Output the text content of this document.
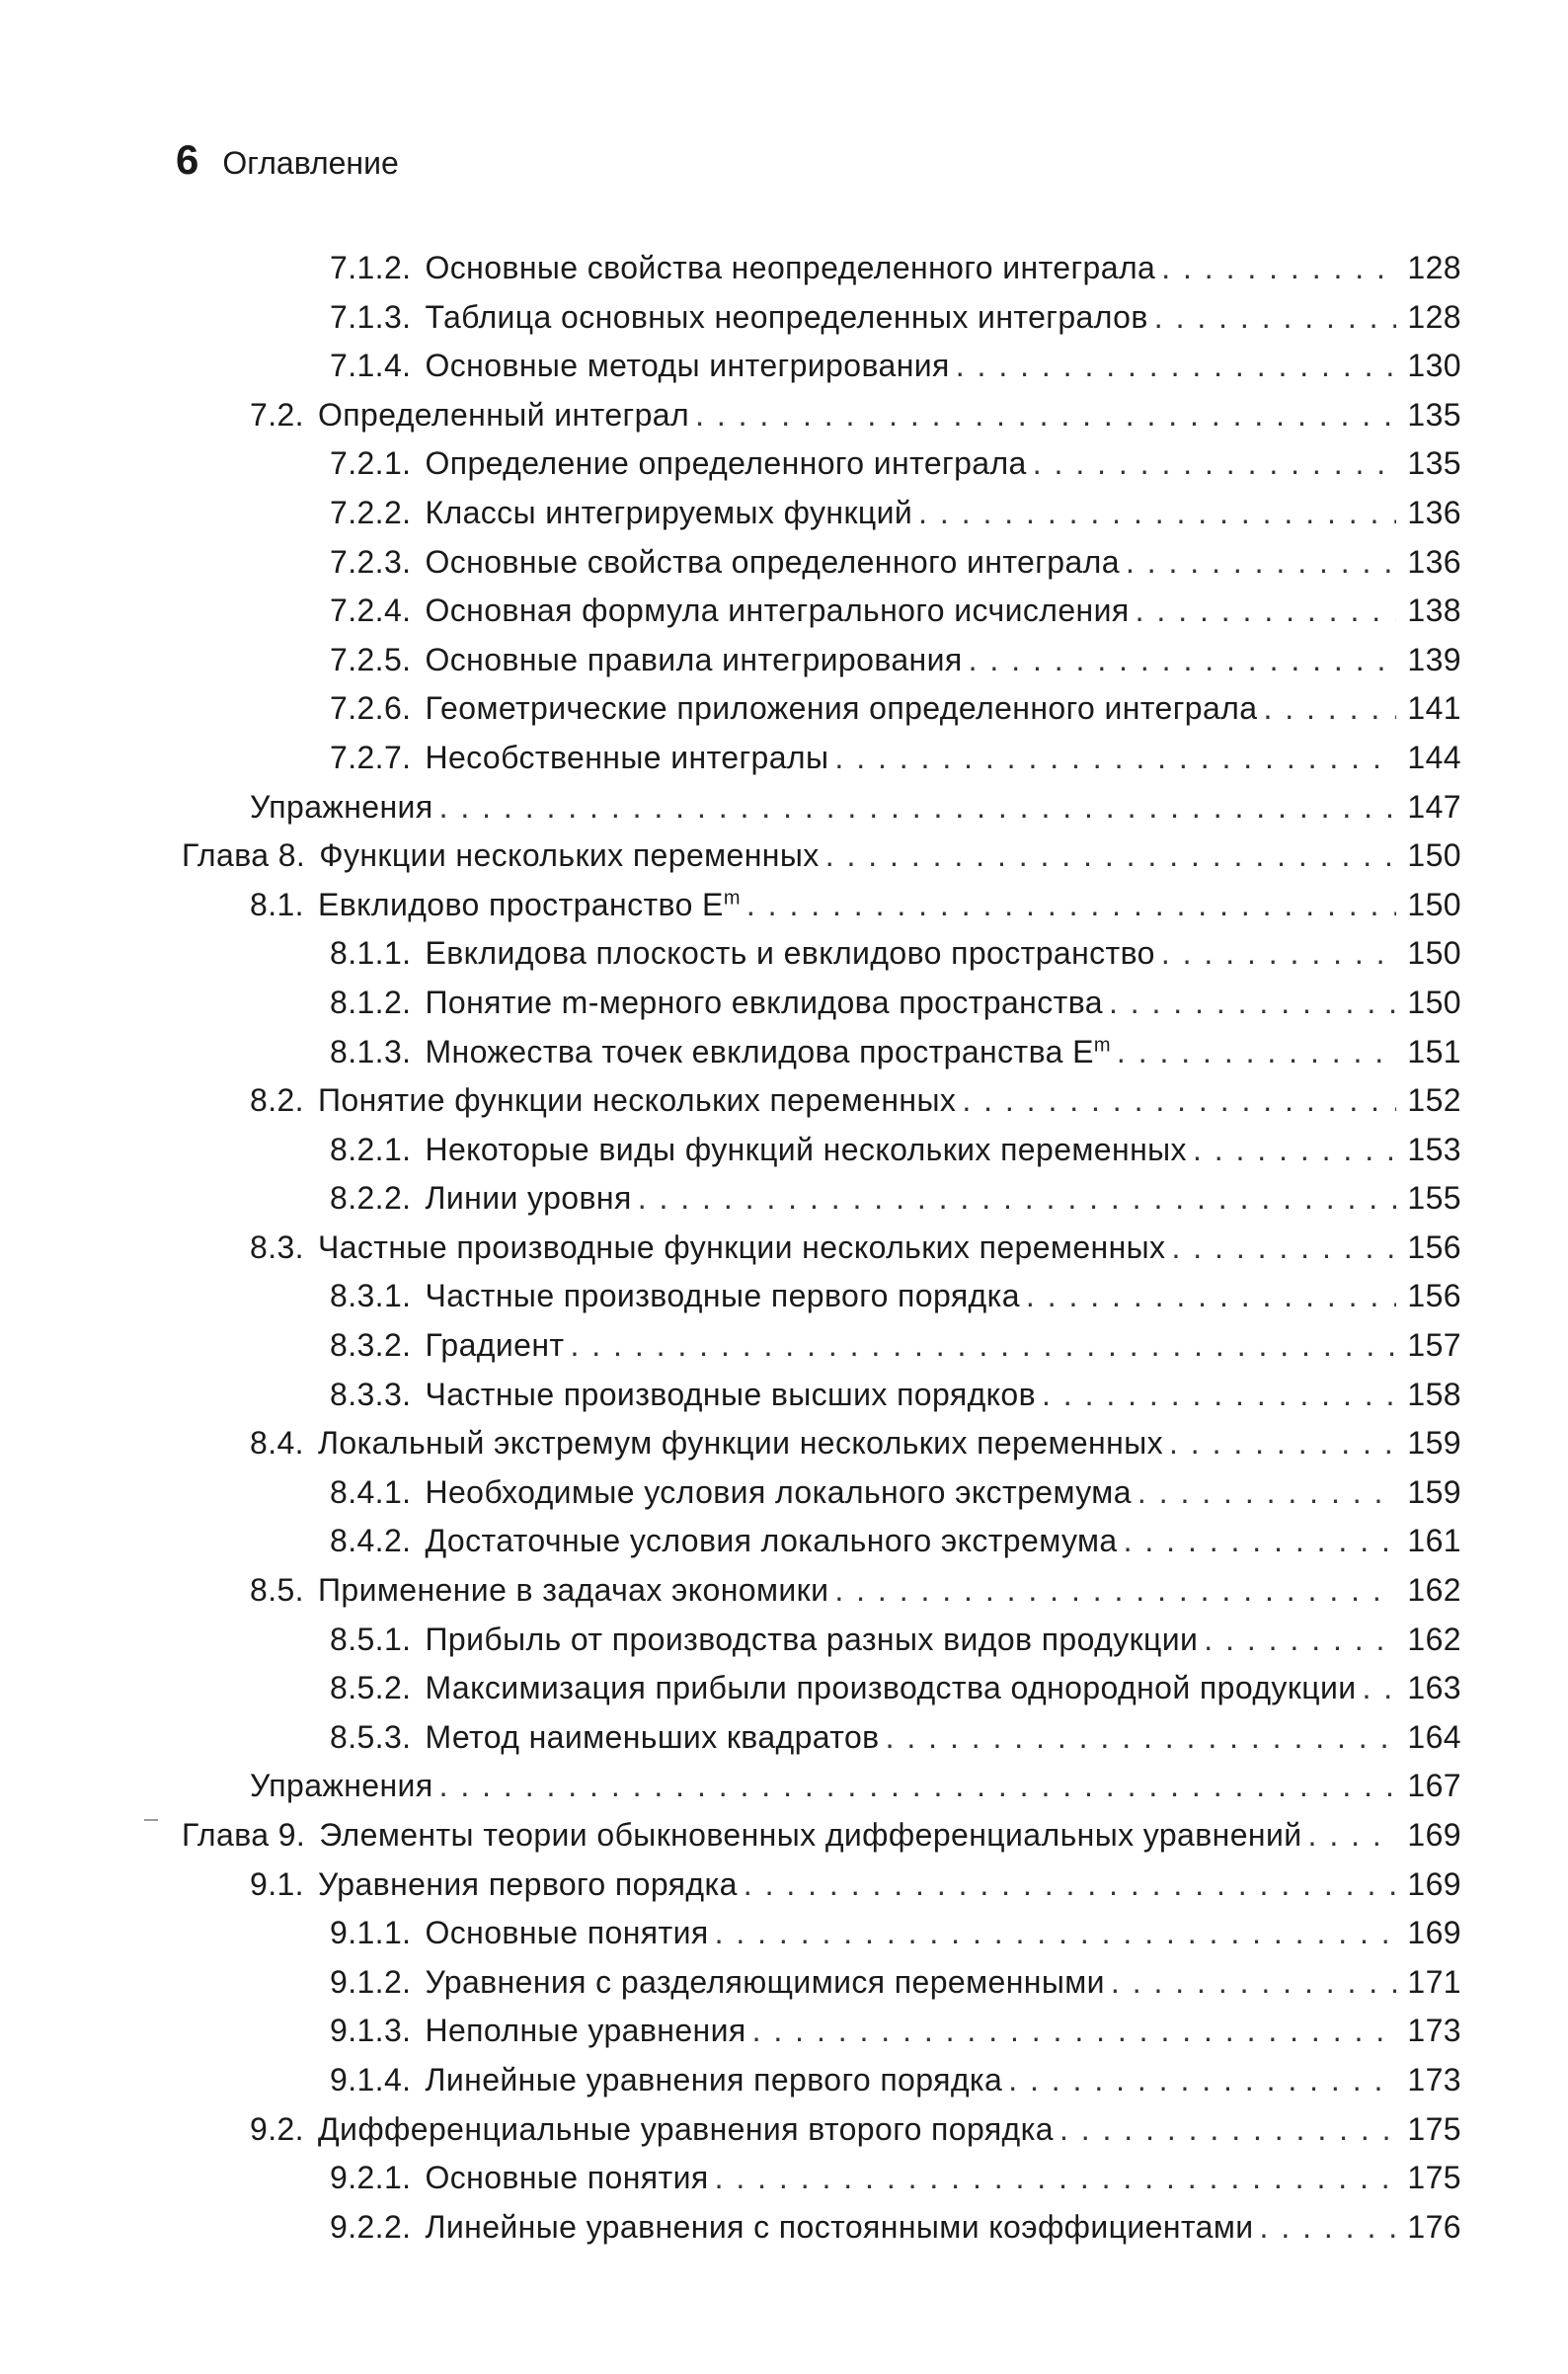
6 Оглавление
7.1.2. Основные свойства неопределенного интеграла . . .	128
7.1.3. Таблица основных неопределенных интегралов . . .	128
7.1.4. Основные методы интегрирования . . .	130
7.2. Определенный интеграл . . .	135
7.2.1. Определение определенного интеграла . . .	135
7.2.2. Классы интегрируемых функций . . .	136
7.2.3. Основные свойства определенного интеграла . . .	136
7.2.4. Основная формула интегрального исчисления . . .	138
7.2.5. Основные правила интегрирования . . .	139
7.2.6. Геометрические приложения определенного интеграла . . .	141
7.2.7. Несобственные интегралы . . .	144
Упражнения . . .	147
Глава 8. Функции нескольких переменных . . .	150
8.1. Евклидово пространство $E^m$ . . .	150
8.1.1. Евклидова плоскость и евклидово пространство . . .	150
8.1.2. Понятие m-мерного евклидова пространства . . .	150
8.1.3. Множества точек евклидова пространства $E^m$ . . .	151
8.2. Понятие функции нескольких переменных . . .	152
8.2.1. Некоторые виды функций нескольких переменных . . .	153
8.2.2. Линии уровня . . .	155
8.3. Частные производные функции нескольких переменных . . .	156
8.3.1. Частные производные первого порядка . . .	156
8.3.2. Градиент . . .	157
8.3.3. Частные производные высших порядков . . .	158
8.4. Локальный экстремум функции нескольких переменных . . .	159
8.4.1. Необходимые условия локального экстремума . . .	159
8.4.2. Достаточные условия локального экстремума . . .	161
8.5. Применение в задачах экономики . . .	162
8.5.1. Прибыль от производства разных видов продукции . . .	162
8.5.2. Максимизация прибыли производства однородной продукции . . . 163
8.5.3. Метод наименьших квадратов . . .	164
Упражнения . . .	167
Глава 9. Элементы теории обыкновенных дифференциальных уравнений . . .	169
9.1. Уравнения первого порядка . . .	169
9.1.1. Основные понятия . . .	169
9.1.2. Уравнения с разделяющимися переменными . . .	171
9.1.3. Неполные уравнения . . .	173
9.1.4. Линейные уравнения первого порядка . . .	173
9.2. Дифференциальные уравнения второго порядка . . .	175
9.2.1. Основные понятия . . .	175
9.2.2. Линейные уравнения с постоянными коэффициентами . . .	176
